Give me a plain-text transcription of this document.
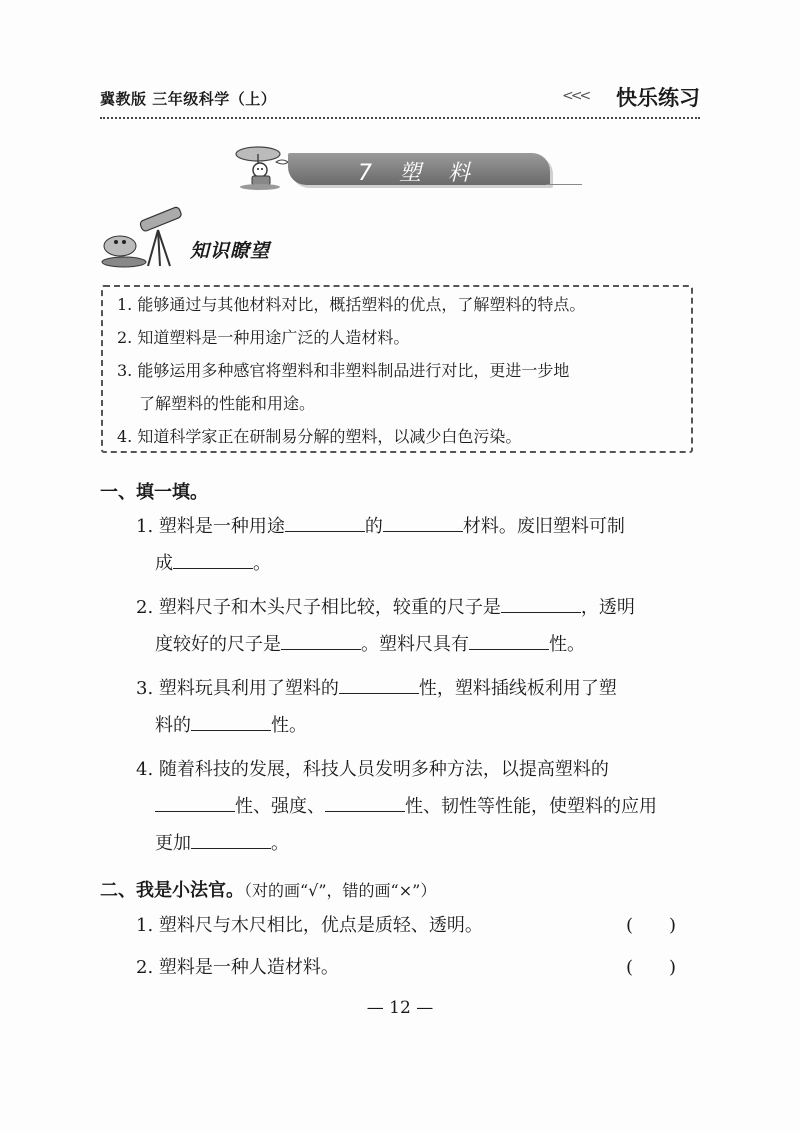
冀教版 三年级科学（上）	<<< 快乐练习
7 塑 料
知识瞭望
1. 能够通过与其他材料对比，概括塑料的优点，了解塑料的特点。
2. 知道塑料是一种用途广泛的人造材料。
3. 能够运用多种感官将塑料和非塑料制品进行对比，更进一步地
了解塑料的性能和用途。
4. 知道科学家正在研制易分解的塑料，以减少白色污染。
一、填一填。
1. 塑料是一种用途	的	材料。废旧塑料可制
成	。
2. 塑料尺子和木头尺子相比较，较重的尺子是	，透明
度较好的尺子是	。塑料尺具有	性。
3. 塑料玩具利用了塑料的	性，塑料插线板利用了塑
料的	性。
4. 随着科技的发展，科技人员发明多种方法，以提高塑料的
性、强度、	性、韧性等性能，使塑料的应用
更加	。
二、我是小法官。（对的画“√”，错的画“×”）
1. 塑料尺与木尺相比，优点是质轻、透明。	(　　)
2. 塑料是一种人造材料。	(　　)
— 12 —
